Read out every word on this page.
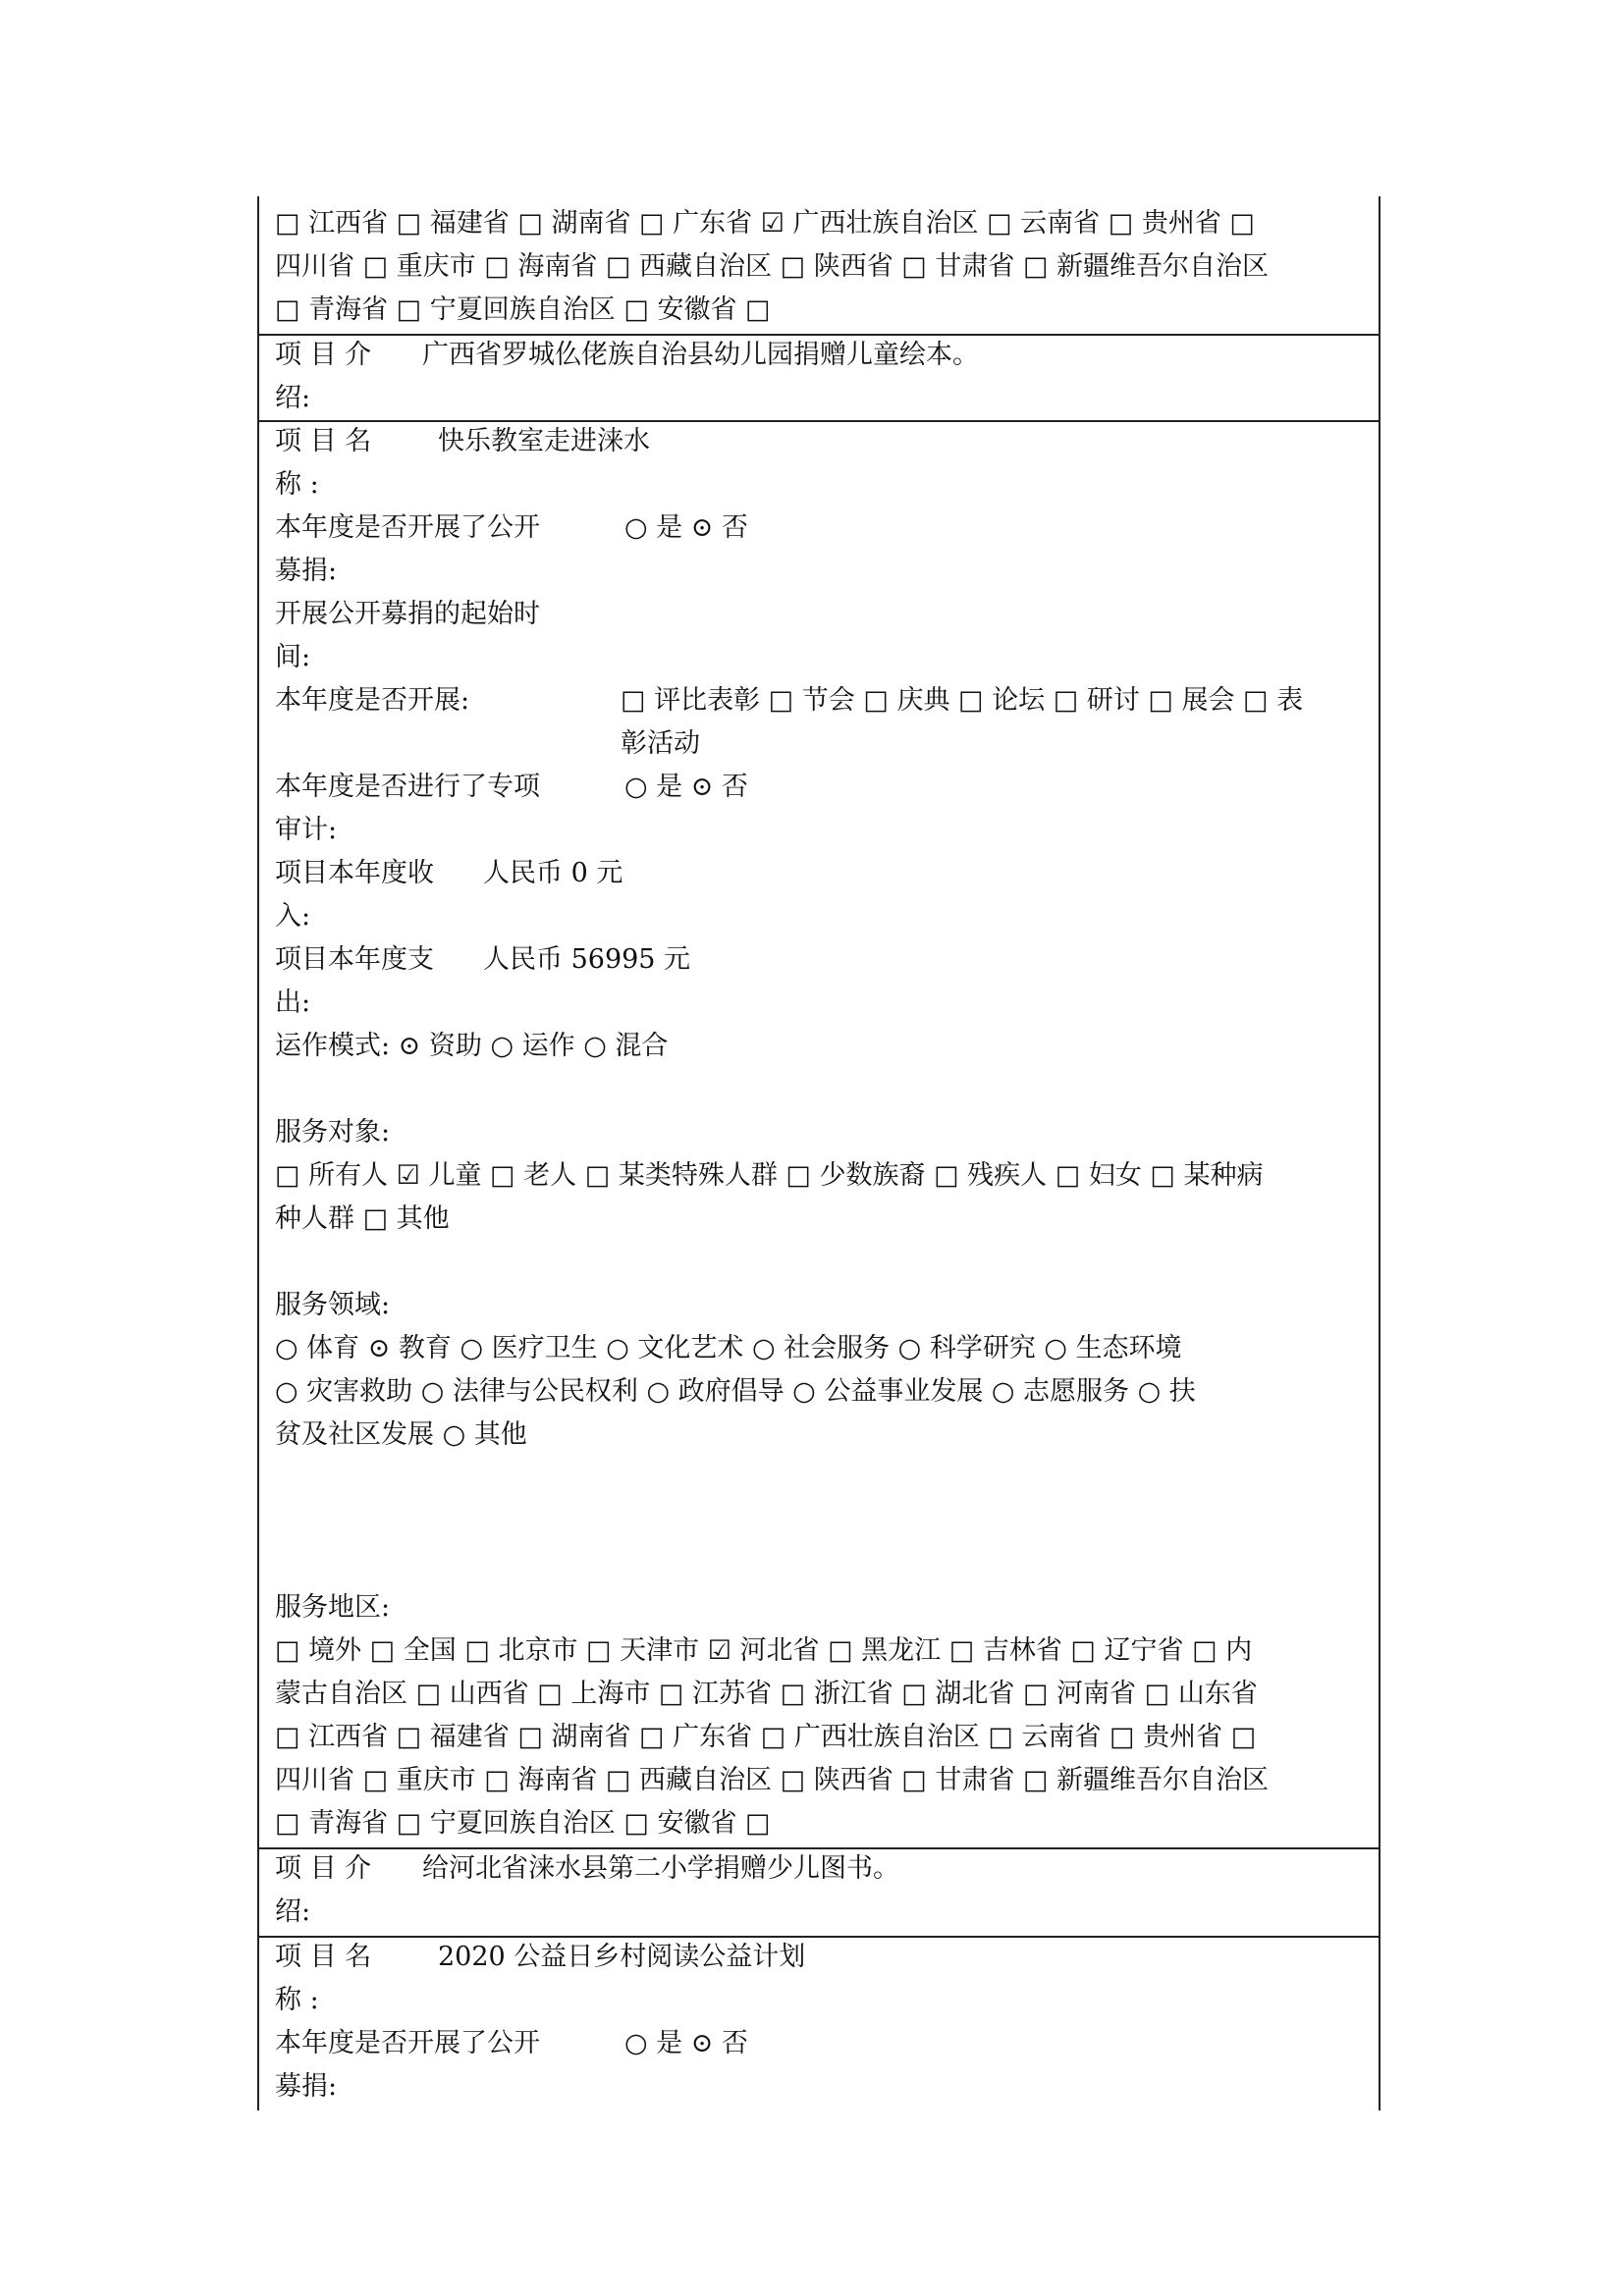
□ 江西省 □ 福建省 □ 湖南省 □ 广东省 ☑ 广西壮族自治区 □ 云南省 □ 贵州省 □
四川省 □ 重庆市 □ 海南省 □ 西藏自治区 □ 陕西省 □ 甘肃省 □ 新疆维吾尔自治区
□ 青海省 □ 宁夏回族自治区 □ 安徽省 □
项 目 介
绍:
广西省罗城仫佬族自治县幼儿园捐赠儿童绘本。
项 目 名
称 :
快乐教室走进涞水
本年度是否开展了公开
募捐:
○ 是 ⊙ 否
开展公开募捐的起始时
间:
本年度是否开展:	□ 评比表彰 □ 节会 □ 庆典 □ 论坛 □ 研讨 □ 展会 □ 表
彰活动
本年度是否进行了专项
审计:
○ 是 ⊙ 否
项目本年度收
入:
人民币 0 元
项目本年度支
出:
人民币 56995 元
运作模式: ⊙ 资助 ○ 运作 ○ 混合
服务对象:
□ 所有人 ☑ 儿童 □ 老人 □ 某类特殊人群 □ 少数族裔 □ 残疾人 □ 妇女 □ 某种病
种人群 □ 其他
服务领域:
○ 体育 ⊙ 教育 ○ 医疗卫生 ○ 文化艺术 ○ 社会服务 ○ 科学研究 ○ 生态环境
○ 灾害救助 ○ 法律与公民权利 ○ 政府倡导 ○ 公益事业发展 ○ 志愿服务 ○ 扶
贫及社区发展 ○ 其他
服务地区:
□ 境外 □ 全国 □ 北京市 □ 天津市 ☑ 河北省 □ 黑龙江 □ 吉林省 □ 辽宁省 □ 内
蒙古自治区 □ 山西省 □ 上海市 □ 江苏省 □ 浙江省 □ 湖北省 □ 河南省 □ 山东省
□ 江西省 □ 福建省 □ 湖南省 □ 广东省 □ 广西壮族自治区 □ 云南省 □ 贵州省 □
四川省 □ 重庆市 □ 海南省 □ 西藏自治区 □ 陕西省 □ 甘肃省 □ 新疆维吾尔自治区
□ 青海省 □ 宁夏回族自治区 □ 安徽省 □
项 目 介
绍:
给河北省涞水县第二小学捐赠少儿图书。
项 目 名
称 :
2020 公益日乡村阅读公益计划
本年度是否开展了公开
募捐:
○ 是 ⊙ 否
